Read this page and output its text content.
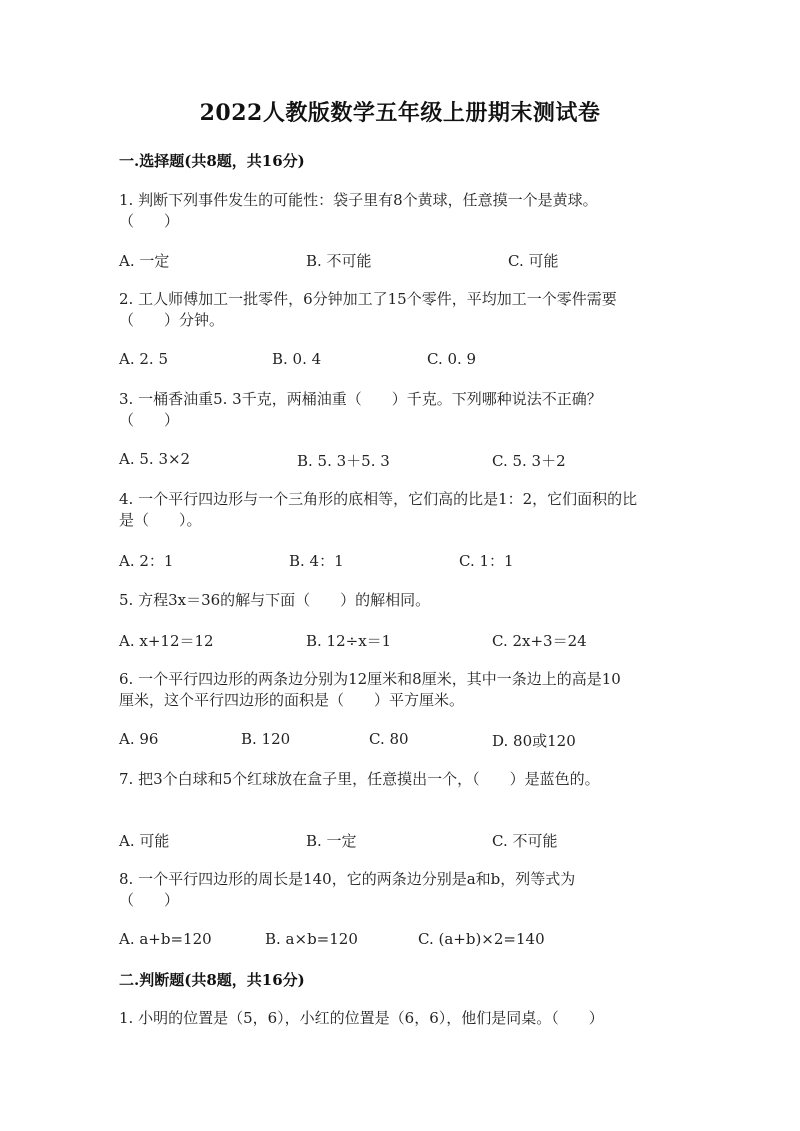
2022人教版数学五年级上册期末测试卷
一.选择题(共8题，共16分)
1. 判断下列事件发生的可能性：袋子里有8个黄球，任意摸一个是黄球。
（　　）
A. 一定	B. 不可能	C. 可能
2. 工人师傅加工一批零件，6分钟加工了15个零件，平均加工一个零件需要
（　　）分钟。
A. 2. 5	B. 0. 4	C. 0. 9
3. 一桶香油重5. 3千克，两桶油重（　　）千克。下列哪种说法不正确？
（　　）
A. 5. 3×2	B. 5. 3＋5. 3	C. 5. 3＋2
4. 一个平行四边形与一个三角形的底相等，它们高的比是1：2，它们面积的比
是（　　）。
A. 2：1	B. 4：1	C. 1：1
5. 方程3x＝36的解与下面（　　）的解相同。
A. x+12＝12	B. 12÷x＝1	C. 2x+3＝24
6. 一个平行四边形的两条边分别为12厘米和8厘米，其中一条边上的高是10
厘米，这个平行四边形的面积是（　　）平方厘米。
A. 96	B. 120	C. 80	D. 80或120
7. 把3个白球和5个红球放在盒子里，任意摸出一个，（　　）是蓝色的。
A. 可能	B. 一定	C. 不可能
8. 一个平行四边形的周长是140，它的两条边分别是a和b，列等式为
（　　）
A. a+b=120	B. a×b=120	C. (a+b)×2=140
二.判断题(共8题，共16分)
1. 小明的位置是（5，6），小红的位置是（6，6），他们是同桌。（　　）
